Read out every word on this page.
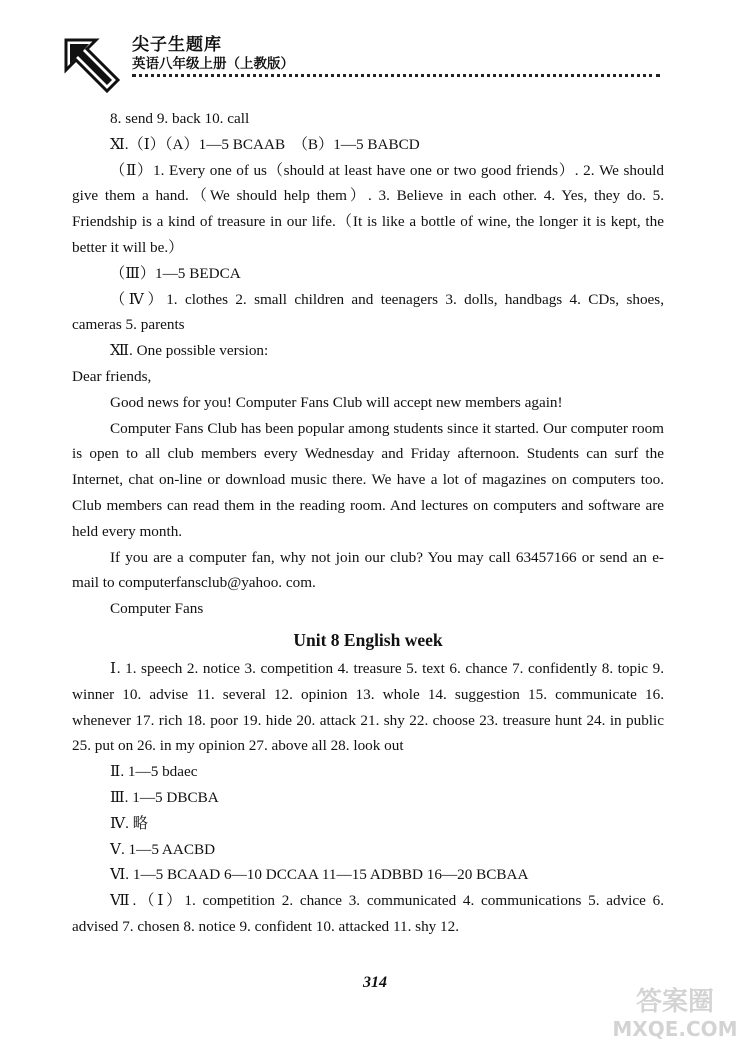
尖子生题库
英语八年级上册（上教版）

8. send 9. back 10. call

Ⅺ.（Ⅰ）（A）1—5 BCAAB　（B）1—5 BABCD

（Ⅱ）1. Every one of us（should at least have one or two good friends）. 2. We should give them a hand.（We should help them）. 3. Believe in each other. 4. Yes, they do. 5. Friendship is a kind of treasure in our life.（It is like a bottle of wine, the longer it is kept, the better it will be.）

（Ⅲ）1—5 BEDCA

（Ⅳ）1. clothes 2. small children and teenagers 3. dolls, handbags 4. CDs, shoes, cameras 5. parents

Ⅻ. One possible version:

Dear friends,

Good news for you! Computer Fans Club will accept new members again!

Computer Fans Club has been popular among students since it started. Our computer room is open to all club members every Wednesday and Friday afternoon. Students can surf the Internet, chat on-line or download music there. We have a lot of magazines on computers too. Club members can read them in the reading room. And lectures on computers and software are held every month.

If you are a computer fan, why not join our club? You may call 63457166 or send an e-mail to computerfansclub@yahoo. com.

Computer Fans

Unit 8 English week

Ⅰ. 1. speech 2. notice 3. competition 4. treasure 5. text 6. chance 7. confidently 8. topic 9. winner 10. advise 11. several 12. opinion 13. whole 14. suggestion 15. communicate 16. whenever 17. rich 18. poor 19. hide 20. attack 21. shy 22. choose 23. treasure hunt 24. in public 25. put on 26. in my opinion 27. above all 28. look out

Ⅱ. 1—5 bdaec

Ⅲ. 1—5 DBCBA

Ⅳ. 略

Ⅴ. 1—5 AACBD

Ⅵ. 1—5 BCAAD 6—10 DCCAA 11—15 ADBBD 16—20 BCBAA

Ⅶ.（Ⅰ）1. competition 2. chance 3. communicated 4. communications 5. advice 6. advised 7. chosen 8. notice 9. confident 10. attacked 11. shy 12.

314
答案圈
MXQE.COM
